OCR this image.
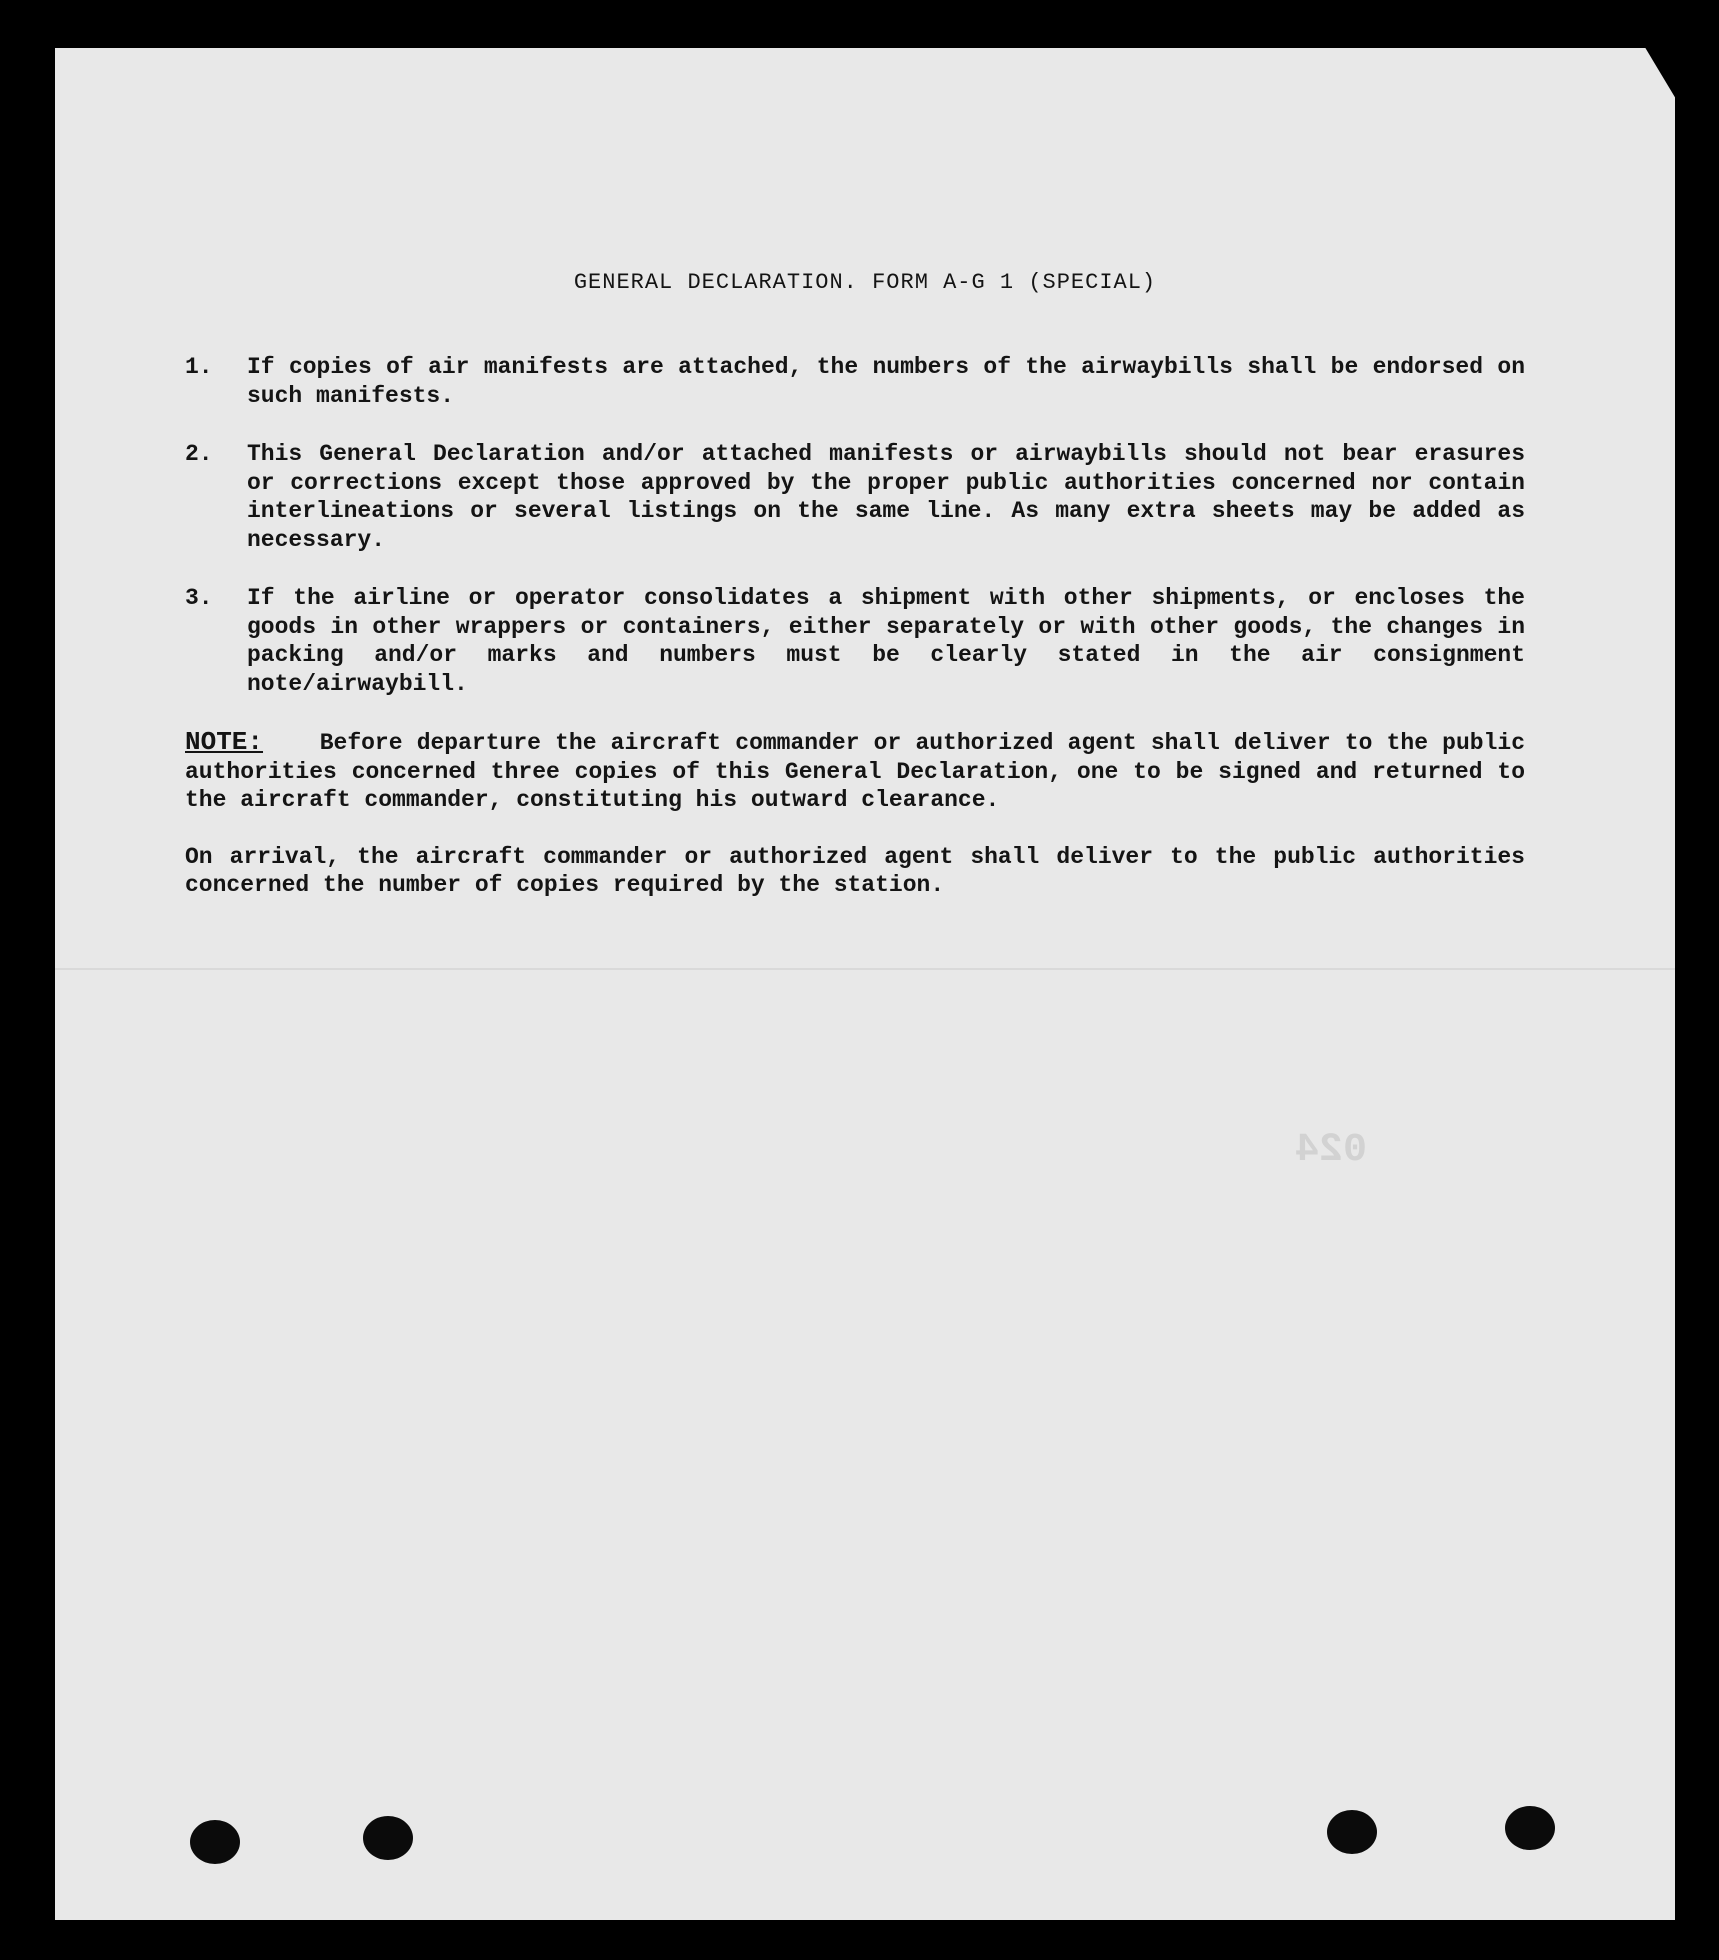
024
GENERAL DECLARATION. FORM A-G 1 (SPECIAL)
1.	If copies of air manifests are attached, the numbers of the airwaybills shall be endorsed on such manifests.
2.	This General Declaration and/or attached manifests or airwaybills should not bear erasures or corrections except those approved by the proper public authorities concerned nor contain interlineations or several listings on the same line. As many extra sheets may be added as necessary.
3.	If the airline or operator consolidates a shipment with other shipments, or encloses the goods in other wrappers or containers, either separately or with other goods, the changes in packing and/or marks and numbers must be clearly stated in the air consignment note/airwaybill.
NOTE: Before departure the aircraft commander or authorized agent shall deliver to the public authorities concerned three copies of this General Declaration, one to be signed and returned to the aircraft commander, constituting his outward clearance.
On arrival, the aircraft commander or authorized agent shall deliver to the public authorities concerned the number of copies required by the station.
